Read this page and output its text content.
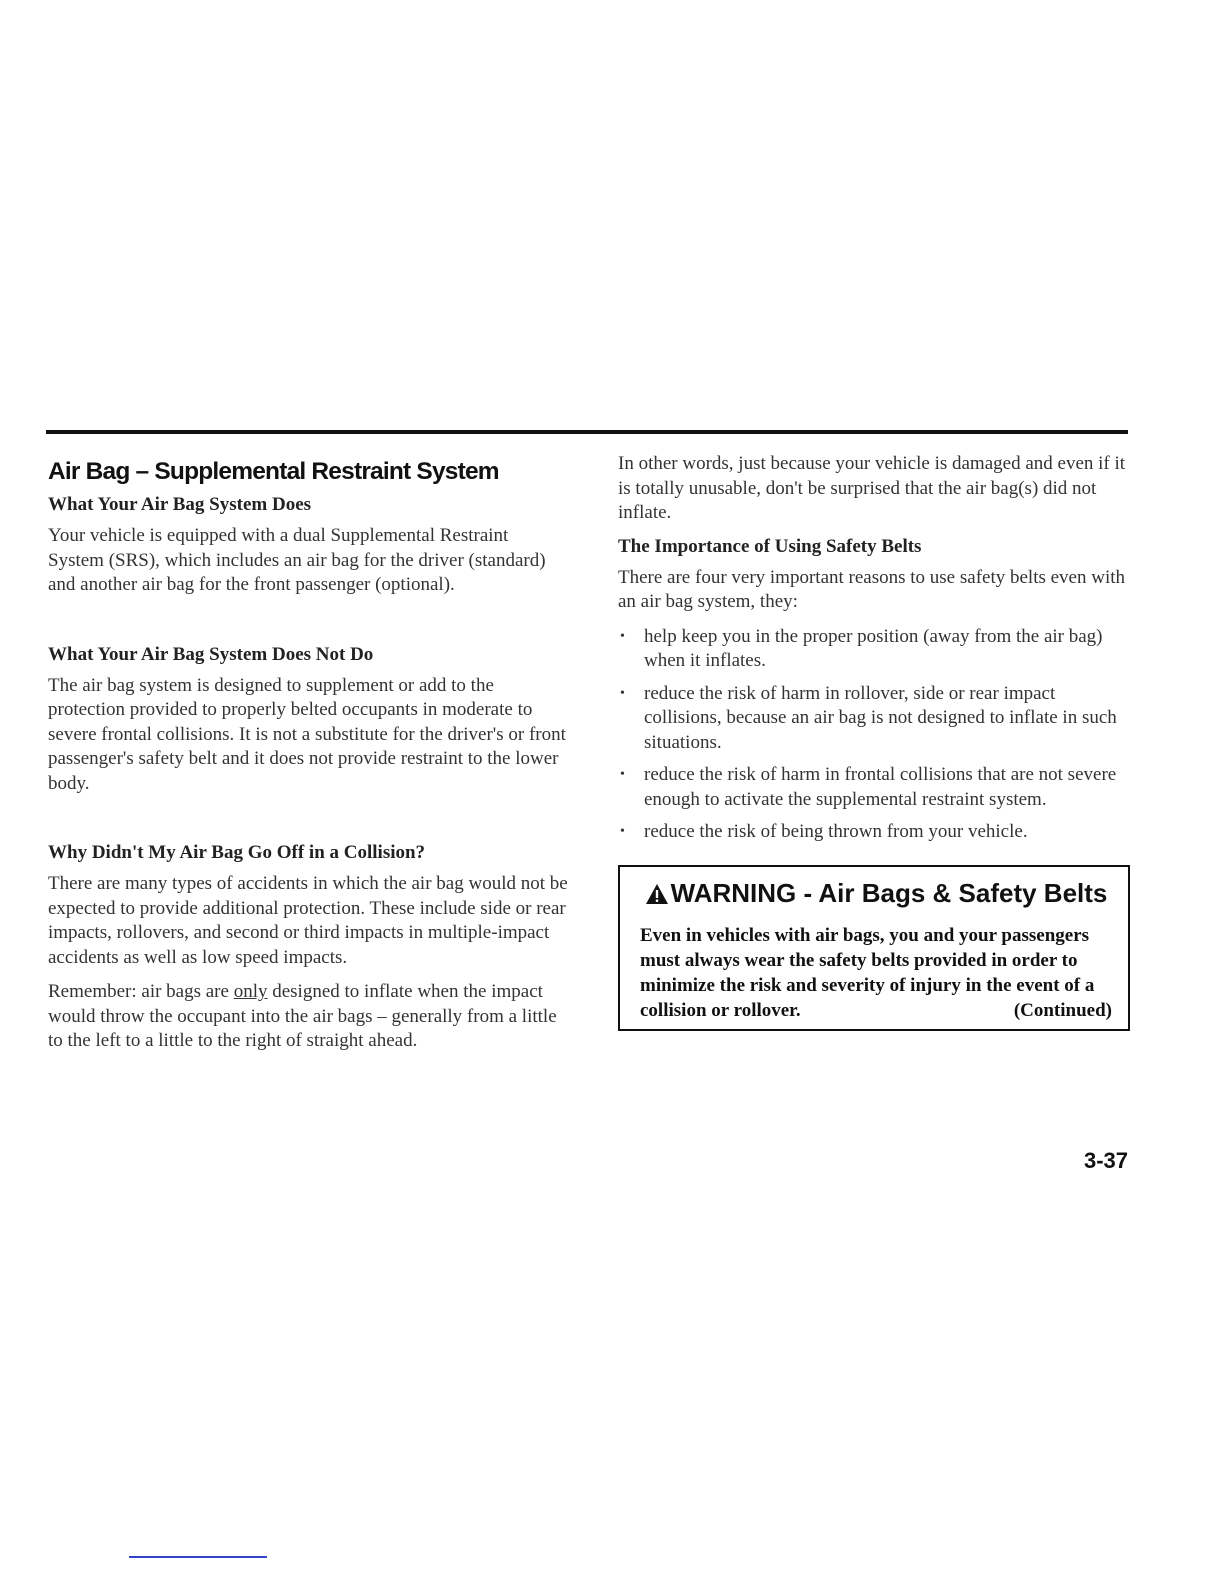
Air Bag – Supplemental Restraint System
What Your Air Bag System Does

Your vehicle is equipped with a dual Supplemental Restraint System (SRS), which includes an air bag for the driver (standard) and another air bag for the front passenger (optional).

What Your Air Bag System Does Not Do

The air bag system is designed to supplement or add to the protection provided to properly belted occupants in moderate to severe frontal collisions. It is not a substitute for the driver's or front passenger's safety belt and it does not provide restraint to the lower body.

Why Didn't My Air Bag Go Off in a Collision?

There are many types of accidents in which the air bag would not be expected to provide additional protection. These include side or rear impacts, rollovers, and second or third impacts in multiple-impact accidents as well as low speed impacts.

Remember: air bags are only designed to inflate when the impact would throw the occupant into the air bags – generally from a little to the left to a little to the right of straight ahead.

In other words, just because your vehicle is damaged and even if it is totally unusable, don't be surprised that the air bag(s) did not inflate.

The Importance of Using Safety Belts

There are four very important reasons to use safety belts even with an air bag system, they:

• help keep you in the proper position (away from the air bag) when it inflates.
• reduce the risk of harm in rollover, side or rear impact collisions, because an air bag is not designed to inflate in such situations.
• reduce the risk of harm in frontal collisions that are not severe enough to activate the supplemental restraint system.
• reduce the risk of being thrown from your vehicle.
WARNING - Air Bags & Safety Belts

Even in vehicles with air bags, you and your passengers must always wear the safety belts provided in order to minimize the risk and severity of injury in the event of a collision or rollover.	(Continued)

3-37
